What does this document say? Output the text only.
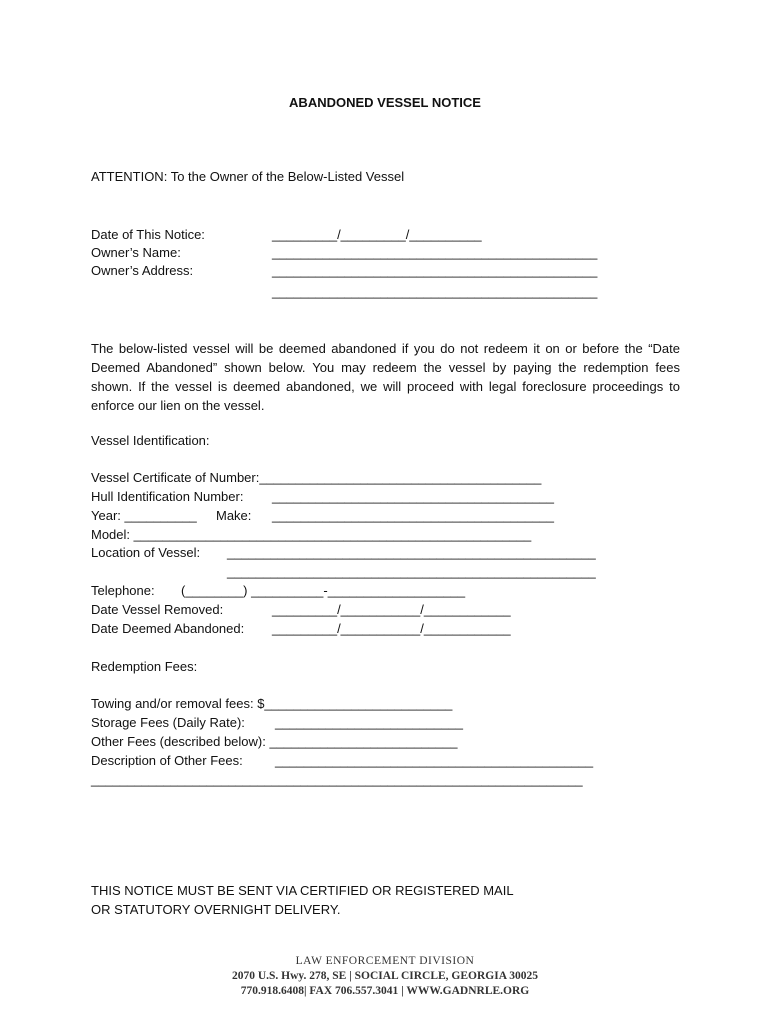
ABANDONED VESSEL NOTICE
ATTENTION: To the Owner of the Below-Listed Vessel
Date of This Notice:	_________/_________/__________
Owner’s Name:	_____________________________________________
Owner’s Address:	_____________________________________________
_____________________________________________
The below-listed vessel will be deemed abandoned if you do not redeem it on or before the “Date Deemed Abandoned” shown below. You may redeem the vessel by paying the redemption fees shown. If the vessel is deemed abandoned, we will proceed with legal foreclosure proceedings to enforce our lien on the vessel.
Vessel Identification:
Vessel Certificate of Number:_______________________________________
Hull Identification Number: _______________________________________
Year: __________ Make: _______________________________________
Model: _______________________________________________________
Location of Vessel: ___________________________________________________
___________________________________________________
Telephone: (________) __________-___________________
Date Vessel Removed:	_________/___________/____________
Date Deemed Abandoned: _________/___________/____________
Redemption Fees:
Towing and/or removal fees: $__________________________
Storage Fees (Daily Rate): __________________________
Other Fees (described below): __________________________
Description of Other Fees: ____________________________________________
____________________________________________________________________
THIS NOTICE MUST BE SENT VIA CERTIFIED OR REGISTERED MAIL
OR STATUTORY OVERNIGHT DELIVERY.
LAW ENFORCEMENT DIVISION
2070 U.S. Hwy. 278, SE | SOCIAL CIRCLE, GEORGIA 30025
770.918.6408| FAX 706.557.3041 | WWW.GADNRLE.ORG
